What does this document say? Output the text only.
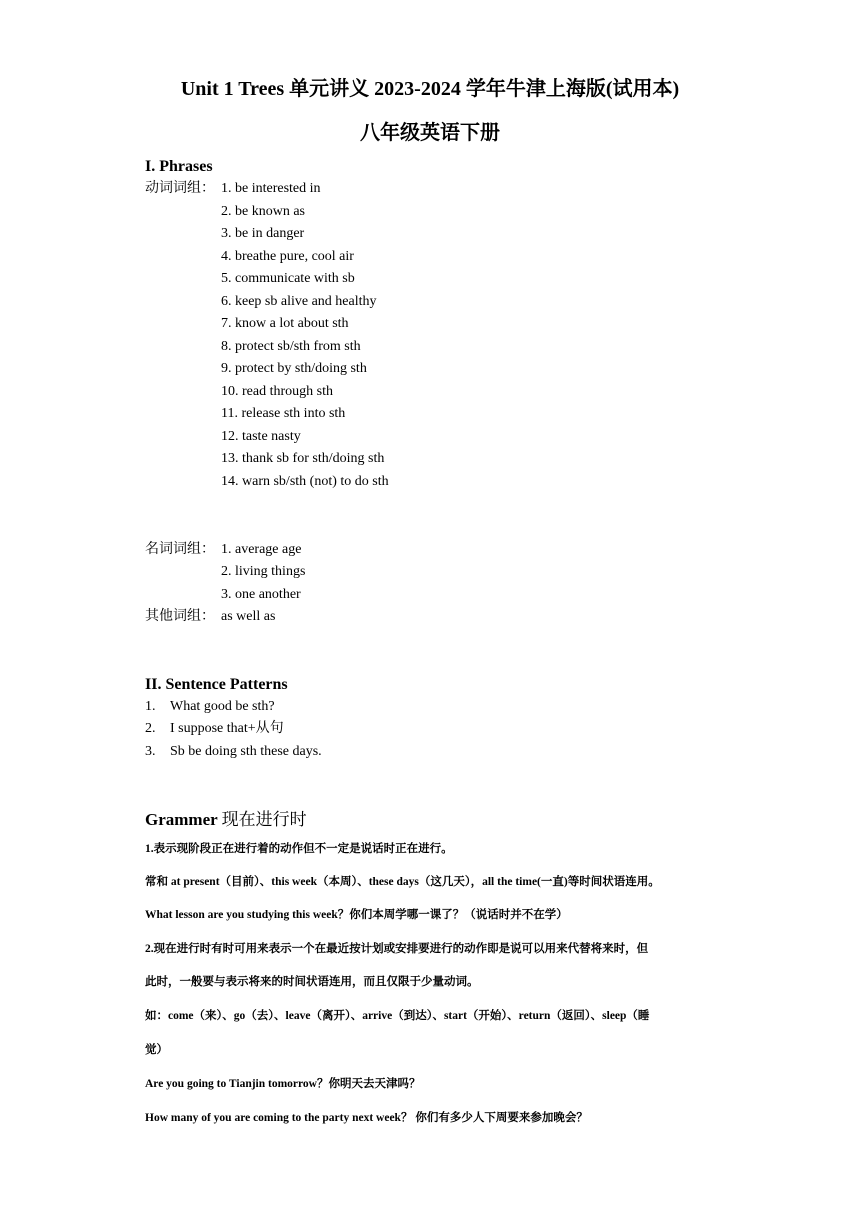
Unit 1 Trees 单元讲义 2023-2024 学年牛津上海版(试用本)
八年级英语下册
I. Phrases
动词词组： 1. be interested in
2. be known as
3. be in danger
4. breathe pure, cool air
5. communicate with sb
6. keep sb alive and healthy
7. know a lot about sth
8. protect sb/sth from sth
9. protect by sth/doing sth
10. read through sth
11. release sth into sth
12. taste nasty
13. thank sb for sth/doing sth
14. warn sb/sth (not) to do sth
名词词组： 1. average age
2. living things
3. one another
其他词组： as well as
II. Sentence Patterns
1. What good be sth?
2. I suppose that+从句
3. Sb be doing sth these days.
Grammer 现在进行时
1.表示现阶段正在进行着的动作但不一定是说话时正在进行。
常和 at present（目前）、this week（本周）、these days（这几天），all the time(一直)等时间状语连用。
What lesson are you studying this week？你们本周学哪一课了？（说话时并不在学）
2.现在进行时有时可用来表示一个在最近按计划或安排要进行的动作即是说可以用来代替将来时，但
此时，一般要与表示将来的时间状语连用，而且仅限于少量动词。
如：come（来）、go（去）、leave（离开）、arrive（到达）、start（开始）、return（返回）、sleep（睡
觉）
Are you going to Tianjin tomorrow？你明天去天津吗？
How many of you are coming to the party next week？ 你们有多少人下周要来参加晚会？
